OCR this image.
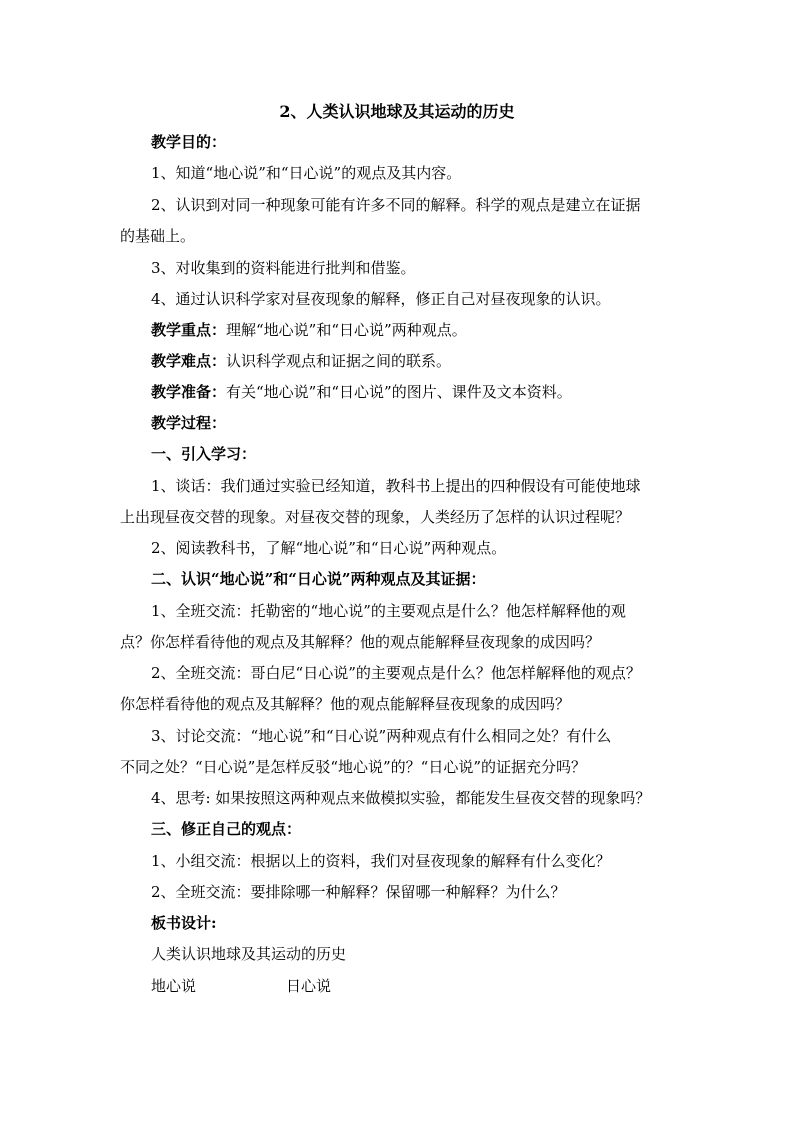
2、人类认识地球及其运动的历史

教学目的：

1、知道“地心说”和“日心说”的观点及其内容。

2、认识到对同一种现象可能有许多不同的解释。科学的观点是建立在证据

的基础上。

3、对收集到的资料能进行批判和借鉴。

4、通过认识科学家对昼夜现象的解释，修正自己对昼夜现象的认识。

教学重点：理解“地心说”和“日心说”两种观点。

教学难点：认识科学观点和证据之间的联系。

教学准备：有关“地心说”和“日心说”的图片、课件及文本资料。

教学过程：

一、引入学习：

1、谈话：我们通过实验已经知道，教科书上提出的四种假设有可能使地球

上出现昼夜交替的现象。对昼夜交替的现象，人类经历了怎样的认识过程呢？

2、阅读教科书，了解“地心说”和“日心说”两种观点。

二、认识“地心说”和“日心说”两种观点及其证据：

1、全班交流：托勒密的“地心说”的主要观点是什么？他怎样解释他的观

点？你怎样看待他的观点及其解释？他的观点能解释昼夜现象的成因吗？

2、全班交流：哥白尼“日心说”的主要观点是什么？他怎样解释他的观点？

你怎样看待他的观点及其解释？他的观点能解释昼夜现象的成因吗？

3、讨论交流：“地心说”和“日心说”两种观点有什么相同之处？有什么

不同之处？“日心说”是怎样反驳“地心说”的？“日心说”的证据充分吗？

4、思考: 如果按照这两种观点来做模拟实验，都能发生昼夜交替的现象吗？

三、修正自己的观点：

1、小组交流：根据以上的资料，我们对昼夜现象的解释有什么变化？

2、全班交流：要排除哪一种解释？保留哪一种解释？为什么？

板书设计:

人类认识地球及其运动的历史

地心说	日心说
